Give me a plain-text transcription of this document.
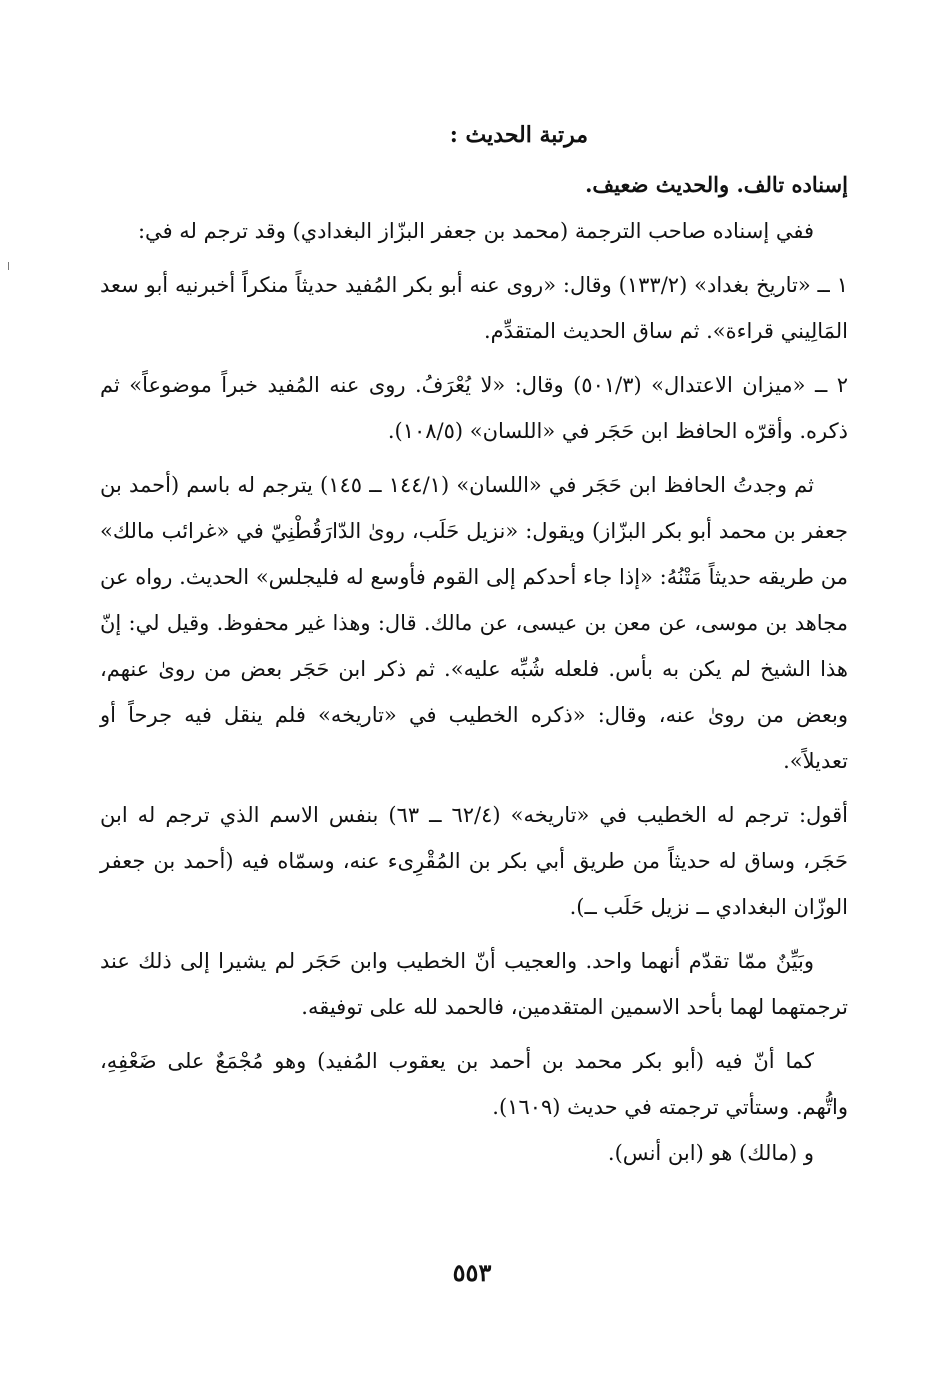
مرتبة الحديث :

إسناده تالف. والحديث ضعيف.

ففي إسناده صاحب الترجمة (محمد بن جعفر البزّاز البغدادي) وقد ترجم له في:

١ ــ «تاريخ بغداد» (١٣٣/٢) وقال: «روى عنه أبو بكر المُفيد حديثاً منكراً أخبرنيه أبو سعد المَالِيني قراءة». ثم ساق الحديث المتقدِّم.

٢ ــ «ميزان الاعتدال» (٥٠١/٣) وقال: «لا يُعْرَفُ. روى عنه المُفيد خبراً موضوعاً» ثم ذكره. وأقرّه الحافظ ابن حَجَر في «اللسان» (١٠٨/٥).

ثم وجدتُ الحافظ ابن حَجَر في «اللسان» (١٤٤/١ ــ ١٤٥) يترجم له باسم (أحمد بن جعفر بن محمد أبو بكر البزّاز) ويقول: «نزيل حَلَب، روىٰ الدّارَقُطْنِيّ في «غرائب مالك» من طريقه حديثاً مَتْنُهُ: «إذا جاء أحدكم إلى القوم فأوسع له فليجلس» الحديث. رواه عن مجاهد بن موسى، عن معن بن عيسى، عن مالك. قال: وهذا غير محفوظ. وقيل لي: إنّ هذا الشيخ لم يكن به بأس. فلعله شُبِّه عليه». ثم ذكر ابن حَجَر بعض من روىٰ عنهم، وبعض من روىٰ عنه، وقال: «ذكره الخطيب في «تاريخه» فلم ينقل فيه جرحاً أو تعديلاً».

أقول: ترجم له الخطيب في «تاريخه» (٦٢/٤ ــ ٦٣) بنفس الاسم الذي ترجم له ابن حَجَر، وساق له حديثاً من طريق أبي بكر بن المُقْرِىء عنه، وسمّاه فيه (أحمد بن جعفر الوزّان البغدادي ــ نزيل حَلَب ــ).

وبَيِّنٌ ممّا تقدّم أنهما واحد. والعجيب أنّ الخطيب وابن حَجَر لم يشيرا إلى ذلك عند ترجمتهما لهما بأحد الاسمين المتقدمين، فالحمد لله على توفيقه.

كما أنّ فيه (أبو بكر محمد بن أحمد بن يعقوب المُفيد) وهو مُجْمَعٌ على ضَعْفِهِ، واتُّهم. وستأتي ترجمته في حديث (١٦٠٩).

و (مالك) هو (ابن أنس).

٥٥٣
